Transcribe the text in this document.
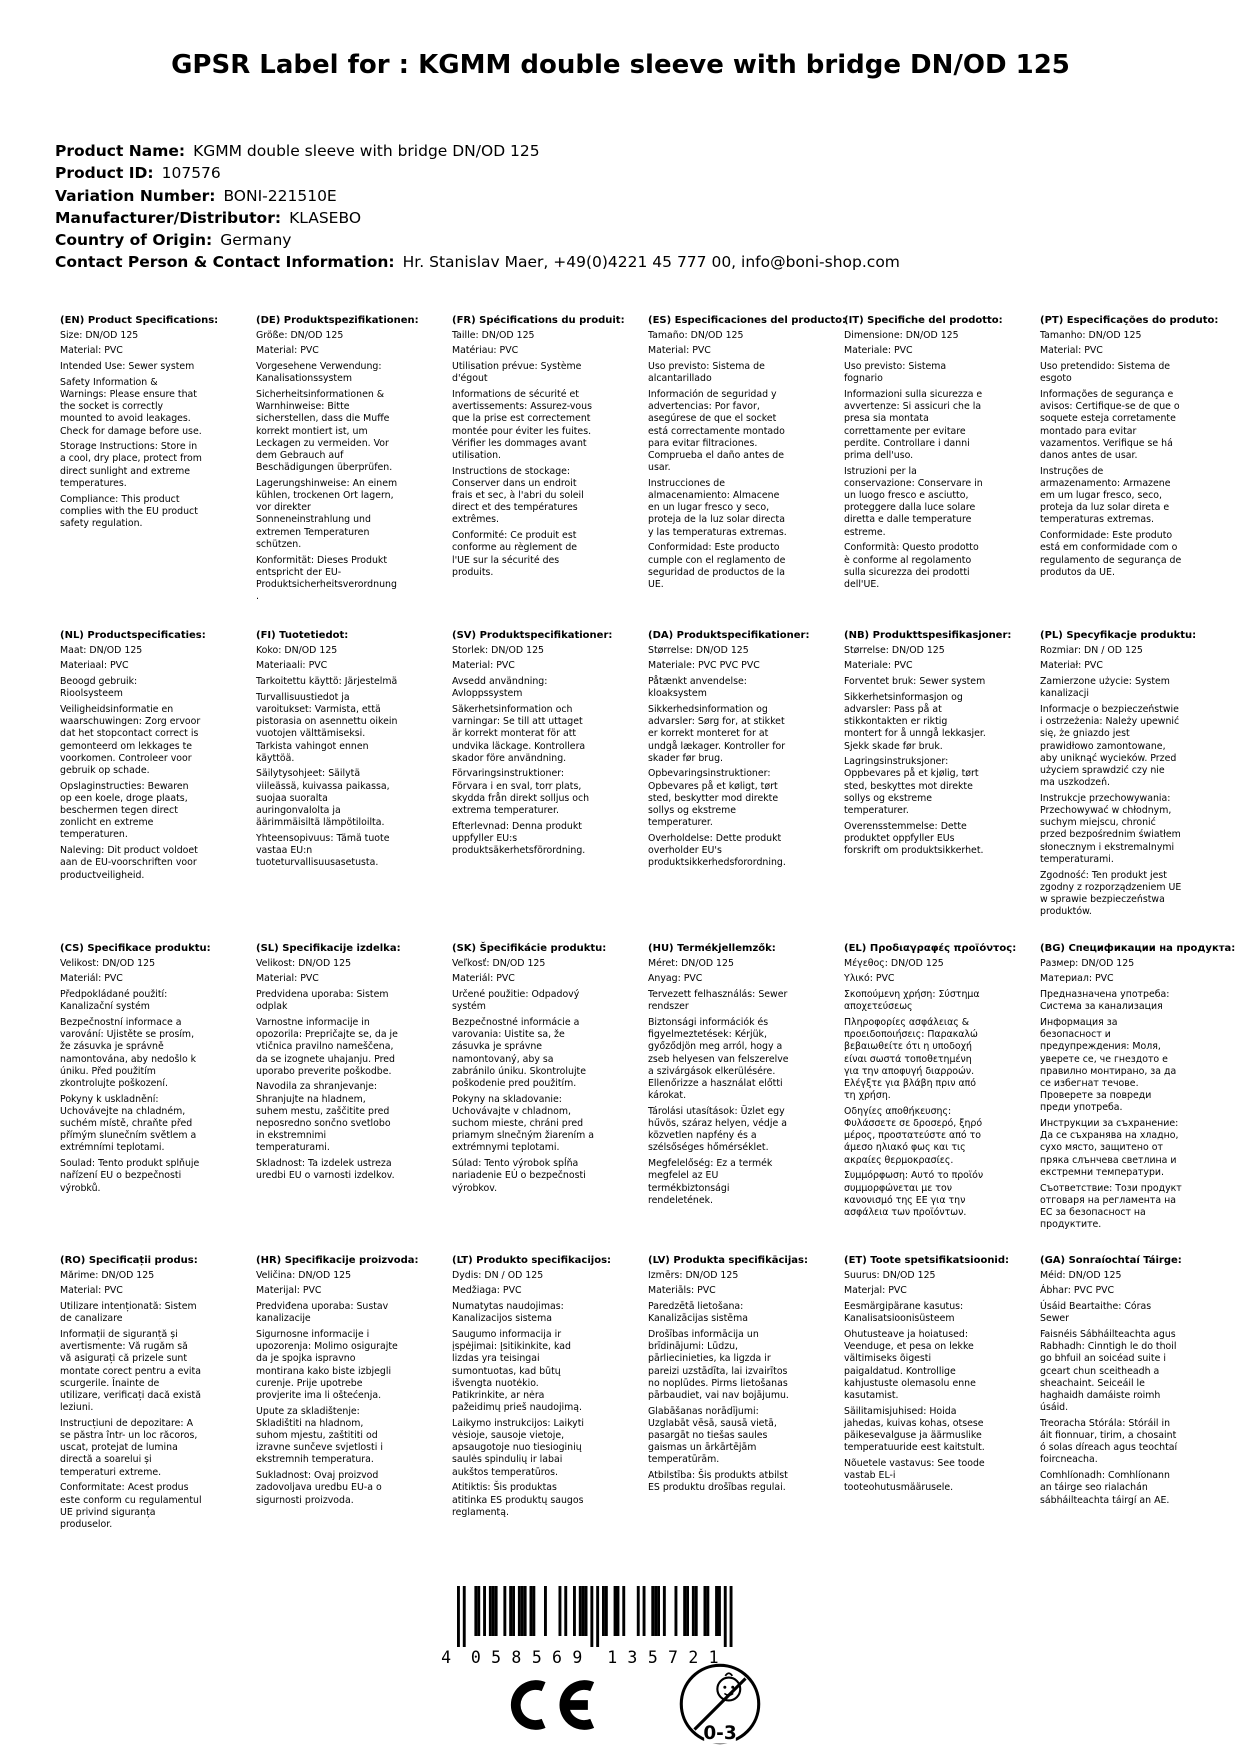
GPSR Label for : KGMM double sleeve with bridge DN/OD 125
Product Name: KGMM double sleeve with bridge DN/OD 125
Product ID: 107576
Variation Number: BONI-221510E
Manufacturer/Distributor: KLASEBO
Country of Origin: Germany
Contact Person & Contact Information: Hr. Stanislav Maer, +49(0)4221 45 777 00, info@boni-shop.com
(EN) Product Specifications:

Size: DN/OD 125

Material: PVC

Intended Use: Sewer system

Safety Information & Warnings: Please ensure that the socket is correctly mounted to avoid leakages. Check for damage before use.

Storage Instructions: Store in a cool, dry place, protect from direct sunlight and extreme temperatures.

Compliance: This product complies with the EU product safety regulation.

(DE) Produktspezifikationen:

Größe: DN/OD 125

Material: PVC

Vorgesehene Verwendung: Kanalisationssystem

Sicherheitsinformationen & Warnhinweise: Bitte sicherstellen, dass die Muffe korrekt montiert ist, um Leckagen zu vermeiden. Vor dem Gebrauch auf Beschädigungen überprüfen.

Lagerungshinweise: An einem kühlen, trockenen Ort lagern, vor direkter Sonneneinstrahlung und extremen Temperaturen schützen.

Konformität: Dieses Produkt entspricht der EU-Produktsicherheitsverordnung.

(FR) Spécifications du produit:

Taille: DN/OD 125

Matériau: PVC

Utilisation prévue: Système d'égout

Informations de sécurité et avertissements: Assurez-vous que la prise est correctement montée pour éviter les fuites. Vérifier les dommages avant utilisation.

Instructions de stockage: Conserver dans un endroit frais et sec, à l'abri du soleil direct et des températures extrêmes.

Conformité: Ce produit est conforme au règlement de l'UE sur la sécurité des produits.

(ES) Especificaciones del producto:

Tamaño: DN/OD 125

Material: PVC

Uso previsto: Sistema de alcantarillado

Información de seguridad y advertencias: Por favor, asegúrese de que el socket está correctamente montado para evitar filtraciones. Comprueba el daño antes de usar.

Instrucciones de almacenamiento: Almacene en un lugar fresco y seco, proteja de la luz solar directa y las temperaturas extremas.

Conformidad: Este producto cumple con el reglamento de seguridad de productos de la UE.

(IT) Specifiche del prodotto:

Dimensione: DN/OD 125

Materiale: PVC

Uso previsto: Sistema fognario

Informazioni sulla sicurezza e avvertenze: Si assicuri che la presa sia montata correttamente per evitare perdite. Controllare i danni prima dell'uso.

Istruzioni per la conservazione: Conservare in un luogo fresco e asciutto, proteggere dalla luce solare diretta e dalle temperature estreme.

Conformità: Questo prodotto è conforme al regolamento sulla sicurezza dei prodotti dell'UE.

(PT) Especificações do produto:

Tamanho: DN/OD 125

Material: PVC

Uso pretendido: Sistema de esgoto

Informações de segurança e avisos: Certifique-se de que o soquete esteja corretamente montado para evitar vazamentos. Verifique se há danos antes de usar.

Instruções de armazenamento: Armazene em um lugar fresco, seco, proteja da luz solar direta e temperaturas extremas.

Conformidade: Este produto está em conformidade com o regulamento de segurança de produtos da UE.

(NL) Productspecificaties:

Maat: DN/OD 125

Materiaal: PVC

Beoogd gebruik: Rioolsysteem

Veiligheidsinformatie en waarschuwingen: Zorg ervoor dat het stopcontact correct is gemonteerd om lekkages te voorkomen. Controleer voor gebruik op schade.

Opslaginstructies: Bewaren op een koele, droge plaats, beschermen tegen direct zonlicht en extreme temperaturen.

Naleving: Dit product voldoet aan de EU-voorschriften voor productveiligheid.

(FI) Tuotetiedot:

Koko: DN/OD 125

Materiaali: PVC

Tarkoitettu käyttö: Järjestelmä

Turvallisuustiedot ja varoitukset: Varmista, että pistorasia on asennettu oikein vuotojen välttämiseksi. Tarkista vahingot ennen käyttöä.

Säilytysohjeet: Säilytä viileässä, kuivassa paikassa, suojaa suoralta auringonvalolta ja äärimmäisiltä lämpötiloilta.

Yhteensopivuus: Tämä tuote vastaa EU:n tuoteturvallisuusasetusta.

(SV) Produktspecifikationer:

Storlek: DN/OD 125

Material: PVC

Avsedd användning: Avloppssystem

Säkerhetsinformation och varningar: Se till att uttaget är korrekt monterat för att undvika läckage. Kontrollera skador före användning.

Förvaringsinstruktioner: Förvara i en sval, torr plats, skydda från direkt solljus och extrema temperaturer.

Efterlevnad: Denna produkt uppfyller EU:s produktsäkerhetsförordning.

(DA) Produktspecifikationer:

Størrelse: DN/OD 125

Materiale: PVC PVC PVC

Påtænkt anvendelse: kloaksystem

Sikkerhedsinformation og advarsler: Sørg for, at stikket er korrekt monteret for at undgå lækager. Kontroller for skader før brug.

Opbevaringsinstruktioner: Opbevares på et køligt, tørt sted, beskytter mod direkte sollys og ekstreme temperaturer.

Overholdelse: Dette produkt overholder EU's produktsikkerhedsforordning.

(NB) Produkttspesifikasjoner:

Størrelse: DN/OD 125

Materiale: PVC

Forventet bruk: Sewer system

Sikkerhetsinformasjon og advarsler: Pass på at stikkontakten er riktig montert for å unngå lekkasjer. Sjekk skade før bruk.

Lagringsinstruksjoner: Oppbevares på et kjølig, tørt sted, beskyttes mot direkte sollys og ekstreme temperaturer.

Overensstemmelse: Dette produktet oppfyller EUs forskrift om produktsikkerhet.

(PL) Specyfikacje produktu:

Rozmiar: DN / OD 125

Materiał: PVC

Zamierzone użycie: System kanalizacji

Informacje o bezpieczeństwie i ostrzeżenia: Należy upewnić się, że gniazdo jest prawidłowo zamontowane, aby uniknąć wycieków. Przed użyciem sprawdzić czy nie ma uszkodzeń.

Instrukcje przechowywania: Przechowywać w chłodnym, suchym miejscu, chronić przed bezpośrednim światłem słonecznym i ekstremalnymi temperaturami.

Zgodność: Ten produkt jest zgodny z rozporządzeniem UE w sprawie bezpieczeństwa produktów.

(CS) Specifikace produktu:

Velikost: DN/OD 125

Materiál: PVC

Předpokládané použití: Kanalizační systém

Bezpečnostní informace a varování: Ujistěte se prosím, že zásuvka je správně namontována, aby nedošlo k úniku. Před použitím zkontrolujte poškození.

Pokyny k uskladnění: Uchovávejte na chladném, suchém místě, chraňte před přímým slunečním světlem a extrémními teplotami.

Soulad: Tento produkt splňuje nařízení EU o bezpečnosti výrobků.

(SL) Specifikacije izdelka:

Velikost: DN/OD 125

Material: PVC

Predvidena uporaba: Sistem odplak

Varnostne informacije in opozorila: Prepričajte se, da je vtičnica pravilno nameščena, da se izognete uhajanju. Pred uporabo preverite poškodbe.

Navodila za shranjevanje: Shranjujte na hladnem, suhem mestu, zaščitite pred neposredno sončno svetlobo in ekstremnimi temperaturami.

Skladnost: Ta izdelek ustreza uredbi EU o varnosti izdelkov.

(SK) Špecifikácie produktu:

Veľkosť: DN/OD 125

Materiál: PVC

Určené použitie: Odpadový systém

Bezpečnostné informácie a varovania: Uistite sa, že zásuvka je správne namontovaný, aby sa zabránilo úniku. Skontrolujte poškodenie pred použitím.

Pokyny na skladovanie: Uchovávajte v chladnom, suchom mieste, chráni pred priamym slnečným žiarením a extrémnymi teplotami.

Súlad: Tento výrobok spĺňa nariadenie EÚ o bezpečnosti výrobkov.

(HU) Termékjellemzők:

Méret: DN/OD 125

Anyag: PVC

Tervezett felhasználás: Sewer rendszer

Biztonsági információk és figyelmeztetések: Kérjük, győződjön meg arról, hogy a zseb helyesen van felszerelve a szivárgások elkerülésére. Ellenőrizze a használat előtti károkat.

Tárolási utasítások: Üzlet egy hűvös, száraz helyen, védje a közvetlen napfény és a szélsőséges hőmérséklet.

Megfelelőség: Ez a termék megfelel az EU termékbiztonsági rendeletének.

(EL) Προδιαγραφές προϊόντος:

Μέγεθος: DN/OD 125

Υλικό: PVC

Σκοπούμενη χρήση: Σύστημα αποχετεύσεως

Πληροφορίες ασφάλειας & προειδοποιήσεις: Παρακαλώ βεβαιωθείτε ότι η υποδοχή είναι σωστά τοποθετημένη για την αποφυγή διαρροών. Ελέγξτε για βλάβη πριν από τη χρήση.

Οδηγίες αποθήκευσης: Φυλάσσετε σε δροσερό, ξηρό μέρος, προστατεύστε από το άμεσο ηλιακό φως και τις ακραίες θερμοκρασίες.

Συμμόρφωση: Αυτό το προϊόν συμμορφώνεται με τον κανονισμό της ΕΕ για την ασφάλεια των προϊόντων.

(BG) Спецификации на продукта:

Размер: DN/OD 125

Материал: PVC

Предназначена употреба: Система за канализация

Информация за безопасност и предупреждения: Моля, уверете се, че гнездото е правилно монтирано, за да се избегнат течове. Проверете за повреди преди употреба.

Инструкции за съхранение: Да се съхранява на хладно, сухо място, защитено от пряка слънчева светлина и екстремни температури.

Съответствие: Този продукт отговаря на регламента на ЕС за безопасност на продуктите.

(RO) Specificații produs:

Mărime: DN/OD 125

Material: PVC

Utilizare intenționată: Sistem de canalizare

Informații de siguranță și avertismente: Vă rugăm să vă asigurați că prizele sunt montate corect pentru a evita scurgerile. Înainte de utilizare, verificați dacă există leziuni.

Instrucțiuni de depozitare: A se păstra într- un loc răcoros, uscat, protejat de lumina directă a soarelui și temperaturi extreme.

Conformitate: Acest produs este conform cu regulamentul UE privind siguranța produselor.

(HR) Specifikacije proizvoda:

Veličina: DN/OD 125

Materijal: PVC

Predviđena uporaba: Sustav kanalizacije

Sigurnosne informacije i upozorenja: Molimo osigurajte da je spojka ispravno montirana kako biste izbjegli curenje. Prije upotrebe provjerite ima li oštećenja.

Upute za skladištenje: Skladištiti na hladnom, suhom mjestu, zaštititi od izravne sunčeve svjetlosti i ekstremnih temperatura.

Sukladnost: Ovaj proizvod zadovoljava uredbu EU-a o sigurnosti proizvoda.

(LT) Produkto specifikacijos:

Dydis: DN / OD 125

Medžiaga: PVC

Numatytas naudojimas: Kanalizacijos sistema

Saugumo informacija ir įspėjimai: Įsitikinkite, kad lizdas yra teisingai sumontuotas, kad būtų išvengta nuotėkio. Patikrinkite, ar nėra pažeidimų prieš naudojimą.

Laikymo instrukcijos: Laikyti vėsioje, sausoje vietoje, apsaugotoje nuo tiesioginių saulės spindulių ir labai aukštos temperatūros.

Atitiktis: Šis produktas atitinka ES produktų saugos reglamentą.

(LV) Produkta specifikācijas:

Izmērs: DN/OD 125

Materiāls: PVC

Paredzētā lietošana: Kanalizācijas sistēma

Drošības informācija un brīdinājumi: Lūdzu, pārliecinieties, ka ligzda ir pareizi uzstādīta, lai izvairītos no noplūdes. Pirms lietošanas pārbaudiet, vai nav bojājumu.

Glabāšanas norādījumi: Uzglabāt vēsā, sausā vietā, pasargāt no tiešas saules gaismas un ārkārtējām temperatūrām.

Atbilstība: Šis produkts atbilst ES produktu drošības regulai.

(ET) Toote spetsifikatsioonid:

Suurus: DN/OD 125

Materjal: PVC

Eesmärgipärane kasutus: Kanalisatsioonisüsteem

Ohutusteave ja hoiatused: Veenduge, et pesa on lekke vältimiseks õigesti paigaldatud. Kontrollige kahjustuste olemasolu enne kasutamist.

Säilitamisjuhised: Hoida jahedas, kuivas kohas, otsese päikesevalguse ja äärmuslike temperatuuride eest kaitstult.

Nõuetele vastavus: See toode vastab EL-i tooteohutusmäärusele.

(GA) Sonraíochtaí Táirge:

Méid: DN/OD 125

Ábhar: PVC PVC

Úsáid Beartaithe: Córas Sewer

Faisnéis Sábháilteachta agus Rabhadh: Cinntigh le do thoil go bhfuil an soicéad suite i gceart chun sceitheadh a sheachaint. Seiceáil le haghaidh damáiste roimh úsáid.

Treoracha Stórála: Stóráil in áit fionnuar, tirim, a chosaint ó solas díreach agus teochtaí foircneacha.

Comhlíonadh: Comhlíonann an táirge seo rialachán sábháilteachta táirgí an AE.

4 0 5 8 5 6 9 1 3 5 7 2 1
0-3
